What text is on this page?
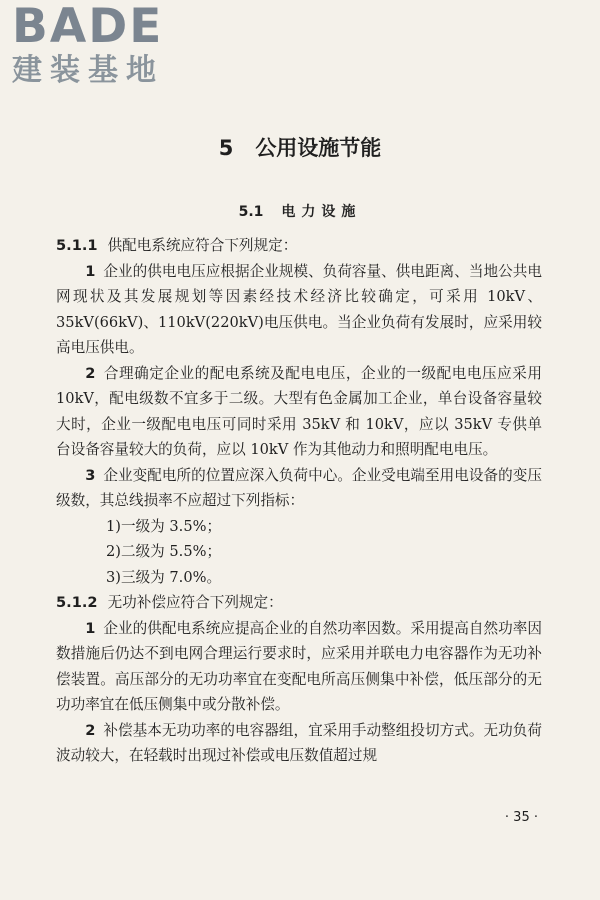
BADE

建装基地

5 公用设施节能
5.1 电力设施

5.1.1 供配电系统应符合下列规定：

1 企业的供电电压应根据企业规模、负荷容量、供电距离、当地公共电网现状及其发展规划等因素经技术经济比较确定，可采用 10kV、35kV(66kV)、110kV(220kV)电压供电。当企业负荷有发展时，应采用较高电压供电。

2 合理确定企业的配电系统及配电电压，企业的一级配电电压应采用 10kV，配电级数不宜多于二级。大型有色金属加工企业，单台设备容量较大时，企业一级配电电压可同时采用 35kV 和 10kV，应以 35kV 专供单台设备容量较大的负荷，应以 10kV 作为其他动力和照明配电电压。

3 企业变配电所的位置应深入负荷中心。企业受电端至用电设备的变压级数，其总线损率不应超过下列指标：

1)一级为 3.5%；

2)二级为 5.5%；

3)三级为 7.0%。

5.1.2 无功补偿应符合下列规定：

1 企业的供配电系统应提高企业的自然功率因数。采用提高自然功率因数措施后仍达不到电网合理运行要求时，应采用并联电力电容器作为无功补偿装置。高压部分的无功功率宜在变配电所高压侧集中补偿，低压部分的无功功率宜在低压侧集中或分散补偿。

2 补偿基本无功功率的电容器组，宜采用手动整组投切方式。无功负荷波动较大，在轻载时出现过补偿或电压数值超过规

· 35 ·
